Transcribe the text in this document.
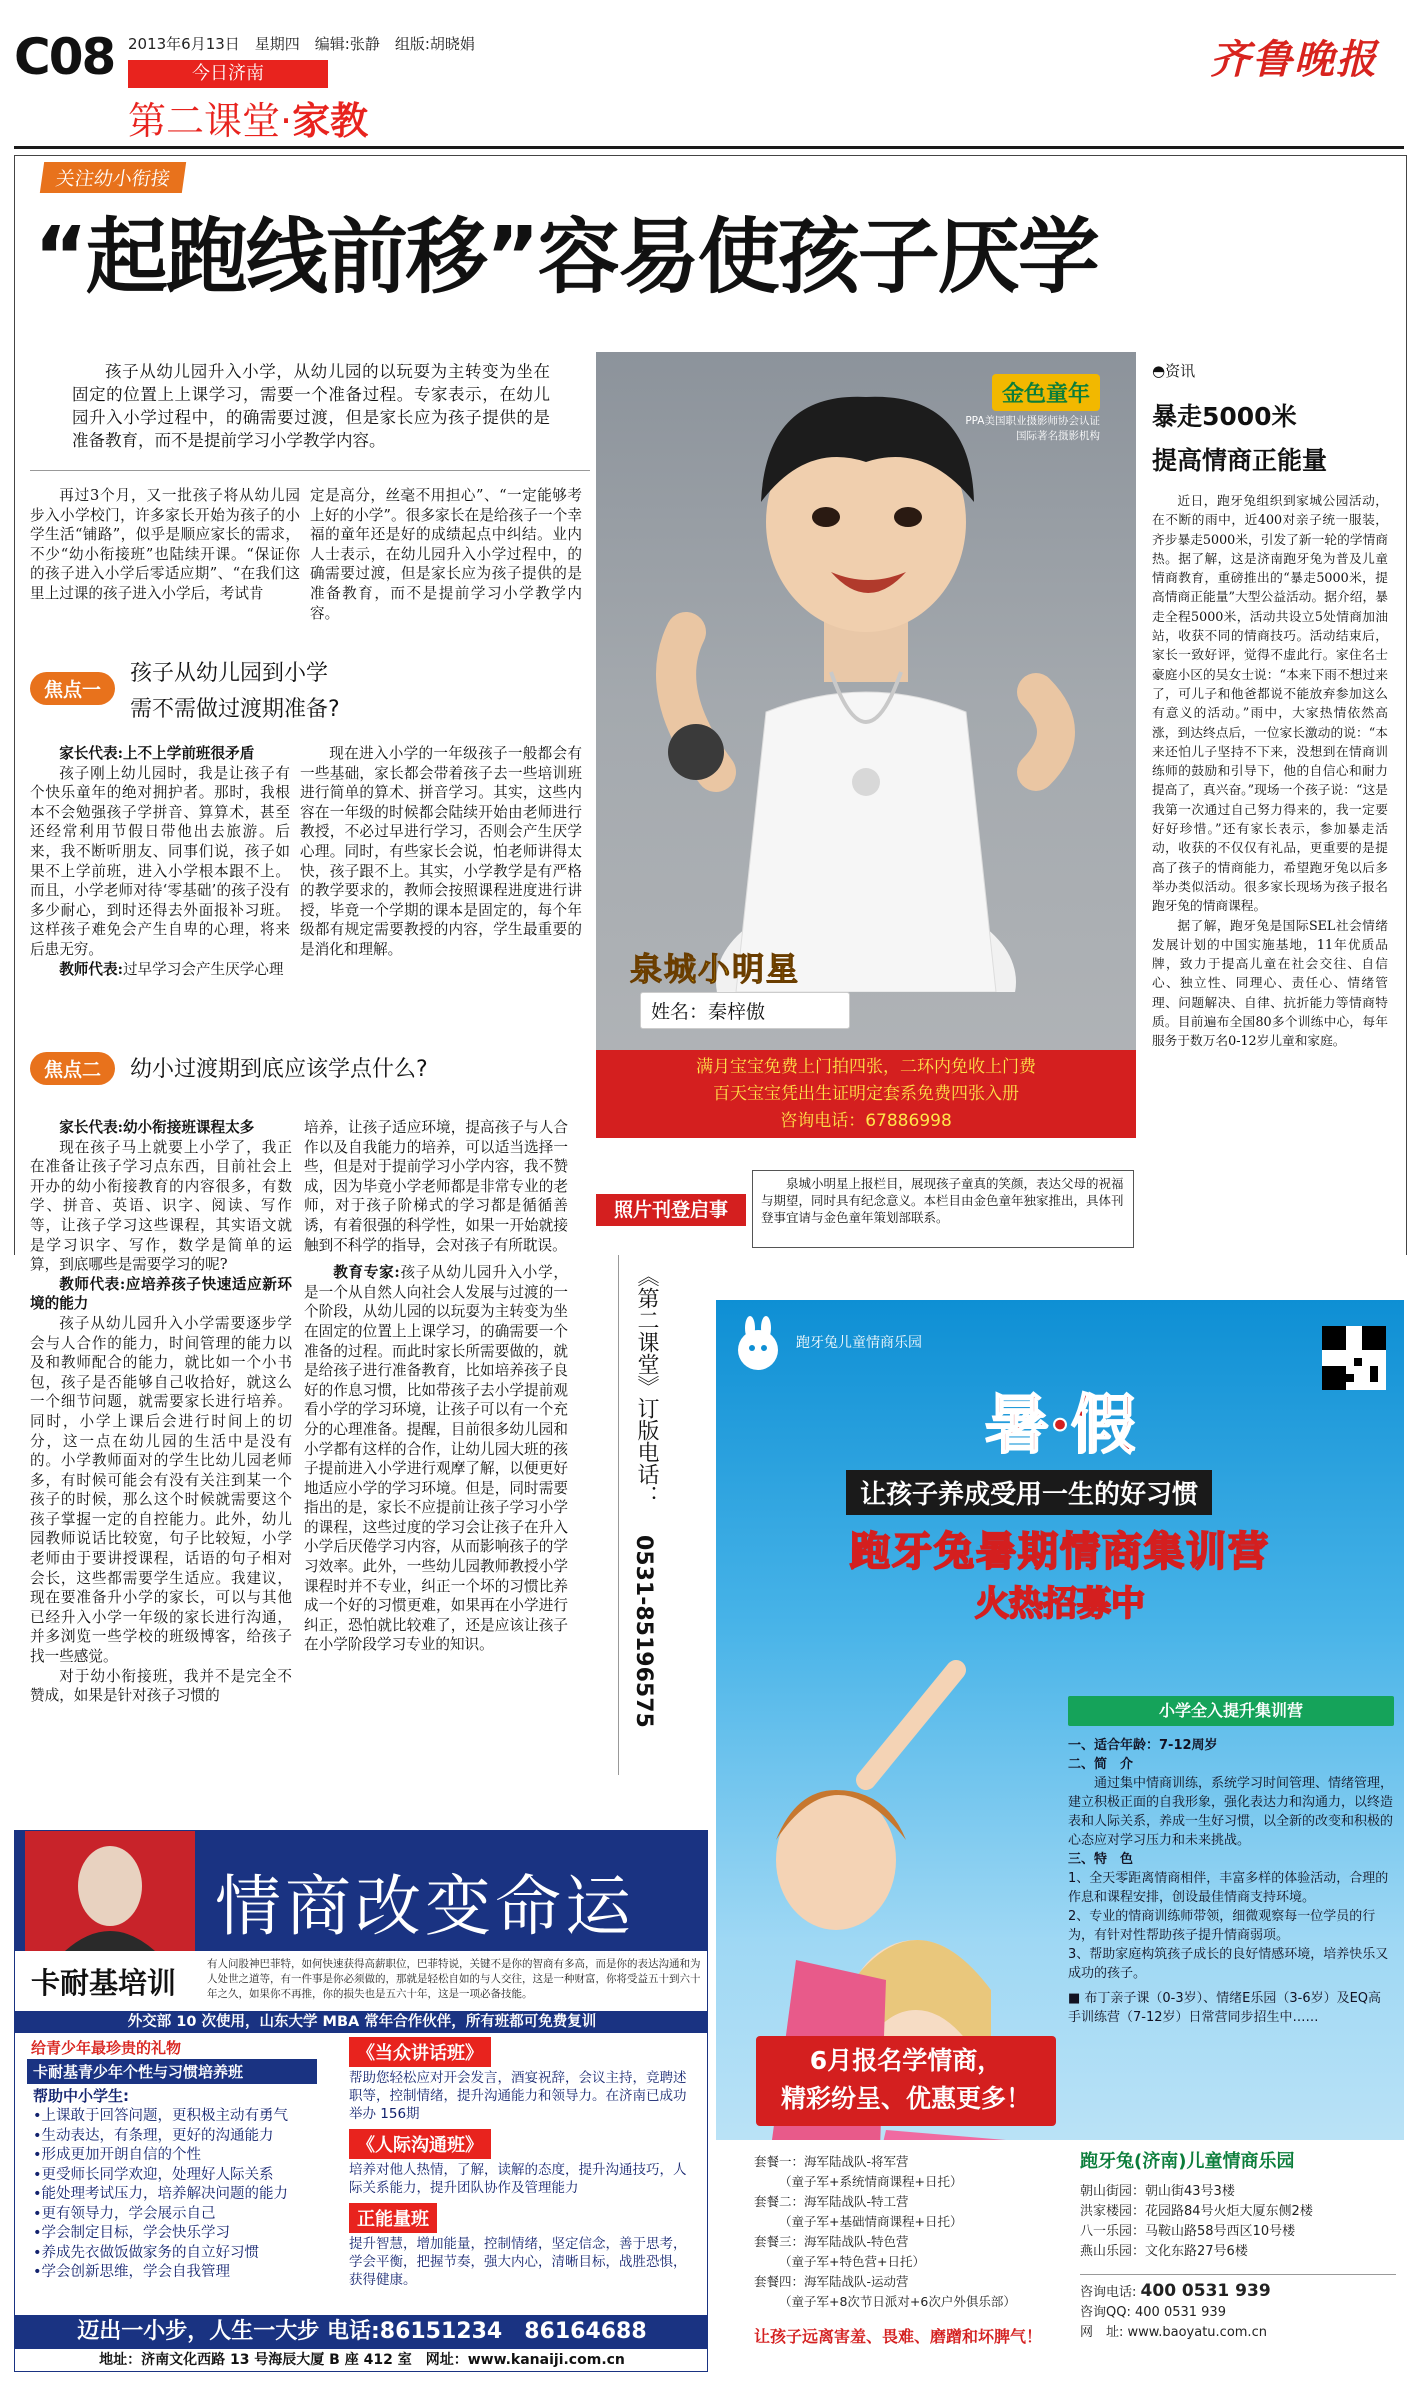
C08 2013年6月13日　星期四　编辑:张静　组版:胡晓娟
今日济南
第二课堂·家教
齐鲁晚报
关注幼小衔接
“起跑线前移”容易使孩子厌学
孩子从幼儿园升入小学，从幼儿园的以玩耍为主转变为坐在固定的位置上上课学习，需要一个准备过程。专家表示，在幼儿园升入小学过程中，的确需要过渡，但是家长应为孩子提供的是准备教育，而不是提前学习小学教学内容。

再过3个月，又一批孩子将从幼儿园步入小学校门，许多家长开始为孩子的小学生活“铺路”，似乎是顺应家长的需求，不少“幼小衔接班”也陆续开课。“保证你的孩子进入小学后零适应期”、“在我们这里上过课的孩子进入小学后，考试肯

定是高分，丝毫不用担心”、“一定能够考上好的小学”。很多家长在是给孩子一个幸福的童年还是好的成绩起点中纠结。业内人士表示，在幼儿园升入小学过程中，的确需要过渡，但是家长应为孩子提供的是准备教育，而不是提前学习小学教学内容。

焦点一
孩子从幼儿园到小学
需不需做过渡期准备?

家长代表:上不上学前班很矛盾

孩子刚上幼儿园时，我是让孩子有个快乐童年的绝对拥护者。那时，我根本不会勉强孩子学拼音、算算术，甚至还经常利用节假日带他出去旅游。后来，我不断听朋友、同事们说，孩子如果不上学前班，进入小学根本跟不上。而且，小学老师对待‘零基础’的孩子没有多少耐心，到时还得去外面报补习班。这样孩子难免会产生自卑的心理，将来后患无穷。

教师代表:过早学习会产生厌学心理

现在进入小学的一年级孩子一般都会有一些基础，家长都会带着孩子去一些培训班进行简单的算术、拼音学习。其实，这些内容在一年级的时候都会陆续开始由老师进行教授，不必过早进行学习，否则会产生厌学心理。同时，有些家长会说，怕老师讲得太快，孩子跟不上。其实，小学教学是有严格的教学要求的，教师会按照课程进度进行讲授，毕竟一个学期的课本是固定的，每个年级都有规定需要教授的内容，学生最重要的是消化和理解。

焦点二	幼小过渡期到底应该学点什么?

家长代表:幼小衔接班课程太多

现在孩子马上就要上小学了，我正在准备让孩子学习点东西，目前社会上开办的幼小衔接教育的内容很多，有数学、拼音、英语、识字、阅读、写作等，让孩子学习这些课程，其实语文就是学习识字、写作，数学是简单的运算，到底哪些是需要学习的呢?

教师代表:应培养孩子快速适应新环境的能力

孩子从幼儿园升入小学需要逐步学会与人合作的能力，时间管理的能力以及和教师配合的能力，就比如一个小书包，孩子是否能够自己收拾好，就这么一个细节问题，就需要家长进行培养。同时，小学上课后会进行时间上的切分，这一点在幼儿园的生活中是没有的。小学教师面对的学生比幼儿园老师多，有时候可能会有没有关注到某一个孩子的时候，那么这个时候就需要这个孩子掌握一定的自控能力。此外，幼儿园教师说话比较宽，句子比较短，小学老师由于要讲授课程，话语的句子相对会长，这些都需要学生适应。我建议，现在要准备升小学的家长，可以与其他已经升入小学一年级的家长进行沟通，并多浏览一些学校的班级博客，给孩子找一些感觉。

对于幼小衔接班，我并不是完全不赞成，如果是针对孩子习惯的

培养，让孩子适应环境，提高孩子与人合作以及自我能力的培养，可以适当选择一些，但是对于提前学习小学内容，我不赞成，因为毕竟小学老师都是非常专业的老师，对于孩子阶梯式的学习都是循循善诱，有着很强的科学性，如果一开始就接触到不科学的指导，会对孩子有所耽误。

教育专家:孩子从幼儿园升入小学，是一个从自然人向社会人发展与过渡的一个阶段，从幼儿园的以玩耍为主转变为坐在固定的位置上上课学习，的确需要一个准备的过程。而此时家长所需要做的，就是给孩子进行准备教育，比如培养孩子良好的作息习惯，比如带孩子去小学提前观看小学的学习环境，让孩子可以有一个充分的心理准备。提醒，目前很多幼儿园和小学都有这样的合作，让幼儿园大班的孩子提前进入小学进行观摩了解，以便更好地适应小学的学习环境。但是，同时需要指出的是，家长不应提前让孩子学习小学的课程，这些过度的学习会让孩子在升入小学后厌倦学习内容，从而影响孩子的学习效率。此外，一些幼儿园教师教授小学课程时并不专业，纠正一个坏的习惯比养成一个好的习惯更难，如果再在小学进行纠正，恐怕就比较难了，还是应该让孩子在小学阶段学习专业的知识。

《第二课堂》订版电话：
0531-85196575
金色童年
PPA美国职业摄影师协会认证
国际著名摄影机构
泉城小明星
姓名：秦梓傲
满月宝宝免费上门拍四张，二环内免收上门费
百天宝宝凭出生证明定套系免费四张入册
咨询电话：67886998
照片刊登启事
泉城小明星上报栏目，展现孩子童真的笑颜，表达父母的祝福与期望，同时具有纪念意义。本栏目由金色童年独家推出，具体刊登事宜请与金色童年策划部联系。
◓资讯
暴走5000米
提高情商正能量
近日，跑牙兔组织到家城公园活动，在不断的雨中，近400对亲子统一服装，齐步暴走5000米，引发了新一轮的学情商热。据了解，这是济南跑牙兔为普及儿童情商教育，重磅推出的“暴走5000米，提高情商正能量”大型公益活动。据介绍，暴走全程5000米，活动共设立5处情商加油站，收获不同的情商技巧。活动结束后，家长一致好评，觉得不虚此行。家住名士豪庭小区的吴女士说：“本来下雨不想过来了，可儿子和他爸都说不能放弃参加这么有意义的活动。”雨中，大家热情依然高涨，到达终点后，一位家长激动的说：“本来还怕儿子坚持不下来，没想到在情商训练师的鼓励和引导下，他的自信心和耐力提高了，真兴奋。”现场一个孩子说：“这是我第一次通过自己努力得来的，我一定要好好珍惜。”还有家长表示，参加暴走活动，收获的不仅仅有礼品，更重要的是提高了孩子的情商能力，希望跑牙兔以后多举办类似活动。很多家长现场为孩子报名跑牙兔的情商课程。
据了解，跑牙兔是国际SEL社会情绪发展计划的中国实施基地，11年优质品牌，致力于提高儿童在社会交往、自信心、独立性、同理心、责任心、情绪管理、问题解决、自律、抗折能力等情商特质。目前遍布全国80多个训练中心，每年服务于数万名0-12岁儿童和家庭。
情商改变命运
卡耐基培训
有人问股神巴菲特，如何快速获得高薪职位，巴菲特说，关键不是你的智商有多高，而是你的表达沟通和为人处世之道等，有一件事是你必须做的，那就是轻松自如的与人交往，这是一种财富，你将受益五十到六十年之久，如果你不再推，你的损失也是五六十年，这是一项必备技能。
外交部 10 次使用，山东大学 MBA 常年合作伙伴，所有班都可免费复训
给青少年最珍贵的礼物
卡耐基青少年个性与习惯培养班
帮助中小学生:
•上课敢于回答问题，更积极主动有勇气
•生动表达，有条理，更好的沟通能力
•形成更加开朗自信的个性
•更受师长同学欢迎，处理好人际关系
•能处理考试压力，培养解决问题的能力
•更有领导力，学会展示自己
•学会制定目标，学会快乐学习
•养成先衣做饭做家务的自立好习惯
•学会创新思维，学会自我管理
《当众讲话班》
帮助您轻松应对开会发言，酒宴祝辞，会议主持，竞聘述职等，控制情绪，提升沟通能力和领导力。在济南已成功举办 156期
《人际沟通班》
培养对他人热情，了解，读解的态度，提升沟通技巧，人际关系能力，提升团队协作及管理能力
正能量班
提升智慧，增加能量，控制情绪，坚定信念，善于思考，学会平衡，把握节奏，强大内心，清晰目标，战胜恐惧，获得健康。
迈出一小步，人生一大步 电话:86151234　86164688
地址：济南文化西路 13 号海辰大厦 B 座 412 室　网址：www.kanaiji.com.cn
跑牙兔儿童情商乐园
暑·假
让孩子养成受用一生的好习惯
跑牙兔暑期情商集训营
火热招募中
小学全入提升集训营
一、适合年龄：7-12周岁
二、简　介
通过集中情商训练，系统学习时间管理、情绪管理，建立积极正面的自我形象，强化表达力和沟通力，以终造表和人际关系，养成一生好习惯，以全新的改变和积极的心态应对学习压力和未来挑战。
三、特　色
1、全天零距离情商相伴，丰富多样的体验活动，合理的作息和课程安排，创设最佳情商支持环境。
2、专业的情商训练师带领，细微观察每一位学员的行为，有针对性帮助孩子提升情商弱项。
3、帮助家庭构筑孩子成长的良好情感环境，培养快乐又成功的孩子。
■ 布丁亲子课（0-3岁）、情绪E乐园（3-6岁）及EQ高手训练营（7-12岁）日常营同步招生中……
6月报名学情商，
精彩纷呈、优惠更多！
套餐一：海军陆战队-将军营
（童子军+系统情商课程+日托）
套餐二：海军陆战队-特工营
（童子军+基础情商课程+日托）
套餐三：海军陆战队-特色营
（童子军+特色营+日托）
套餐四：海军陆战队-运动营
（童子军+8次节日派对+6次户外俱乐部）
让孩子远离害羞、畏难、磨蹭和坏脾气！
跑牙兔(济南)儿童情商乐园
朝山街园：朝山街43号3楼
洪家楼园：花园路84号火炬大厦东侧2楼
八一乐园：马鞍山路58号西区10号楼
燕山乐园：文化东路27号6楼
咨询电话: 400 0531 939
咨询QQ: 400 0531 939
网　址: www.baoyatu.com.cn
